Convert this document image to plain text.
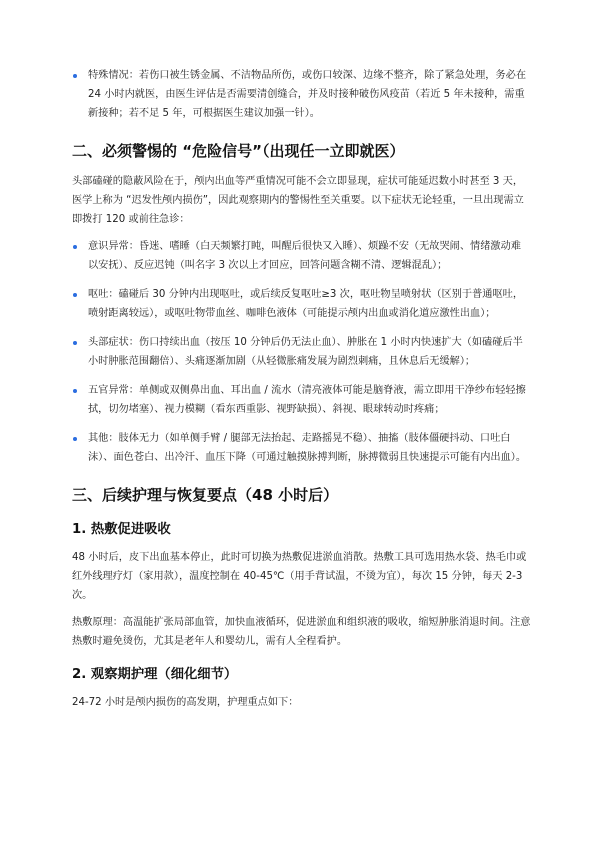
特殊情况：若伤口被生锈金属、不洁物品所伤，或伤口较深、边缘不整齐，除了紧急处理，务必在 24 小时内就医，由医生评估是否需要清创缝合，并及时接种破伤风疫苗（若近 5 年未接种，需重新接种；若不足 5 年，可根据医生建议加强一针）。
二、必须警惕的 “危险信号”（出现任一立即就医）

头部磕碰的隐蔽风险在于，颅内出血等严重情况可能不会立即显现，症状可能延迟数小时甚至 3 天，医学上称为 “迟发性颅内损伤”，因此观察期内的警惕性至关重要。以下症状无论轻重，一旦出现需立即拨打 120 或前往急诊：

意识异常：昏迷、嗜睡（白天频繁打盹，叫醒后很快又入睡）、烦躁不安（无故哭闹、情绪激动难以安抚）、反应迟钝（叫名字 3 次以上才回应，回答问题含糊不清、逻辑混乱）；
呕吐：磕碰后 30 分钟内出现呕吐，或后续反复呕吐≥3 次，呕吐物呈喷射状（区别于普通呕吐，喷射距离较远），或呕吐物带血丝、咖啡色液体（可能提示颅内出血或消化道应激性出血）；
头部症状：伤口持续出血（按压 10 分钟后仍无法止血）、肿胀在 1 小时内快速扩大（如磕碰后半小时肿胀范围翻倍）、头痛逐渐加剧（从轻微胀痛发展为剧烈刺痛，且休息后无缓解）；
五官异常：单侧或双侧鼻出血、耳出血 / 流水（清亮液体可能是脑脊液，需立即用干净纱布轻轻擦拭，切勿堵塞）、视力模糊（看东西重影、视野缺损）、斜视、眼球转动时疼痛；
其他：肢体无力（如单侧手臂 / 腿部无法抬起、走路摇晃不稳）、抽搐（肢体僵硬抖动、口吐白沫）、面色苍白、出冷汗、血压下降（可通过触摸脉搏判断，脉搏微弱且快速提示可能有内出血）。
三、后续护理与恢复要点（48 小时后）
1. 热敷促进吸收

48 小时后，皮下出血基本停止，此时可切换为热敷促进淤血消散。热敷工具可选用热水袋、热毛巾或红外线理疗灯（家用款），温度控制在 40-45℃（用手背试温，不烫为宜），每次 15 分钟，每天 2-3 次。

热敷原理：高温能扩张局部血管，加快血液循环，促进淤血和组织液的吸收，缩短肿胀消退时间。注意热敷时避免烫伤，尤其是老年人和婴幼儿，需有人全程看护。

2. 观察期护理（细化细节）

24-72 小时是颅内损伤的高发期，护理重点如下：
